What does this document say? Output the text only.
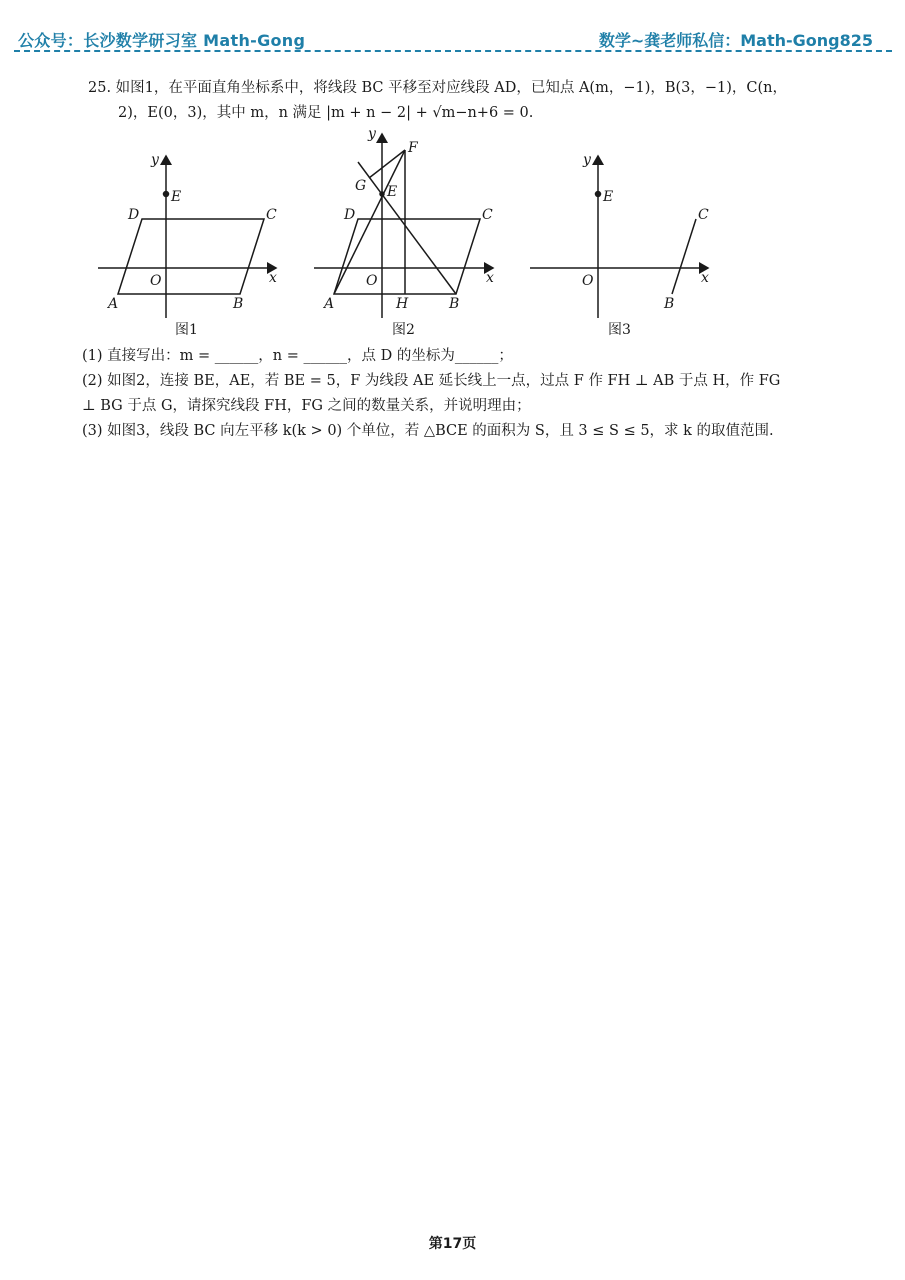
公众号：长沙数学研习室 Math-Gong	数学~龚老师私信：Math-Gong825
25. 如图1，在平面直角坐标系中，将线段 BC 平移至对应线段 AD，已知点 A(m，−1)，B(3，−1)，C(n，
2)，E(0，3)，其中 m，n 满足 |m + n − 2| + √m−n+6 = 0.
y
x
E
D	C
O
A	B
图1
y
x
F
G E
D	C
O
A	H	B
图2
y
x
E
C
O
B
图3
(1) 直接写出：m = ______，n = ______，点 D 的坐标为______；
(2) 如图2，连接 BE，AE，若 BE = 5，F 为线段 AE 延长线上一点，过点 F 作 FH ⊥ AB 于点 H，作 FG
⊥ BG 于点 G，请探究线段 FH，FG 之间的数量关系，并说明理由；
(3) 如图3，线段 BC 向左平移 k(k > 0) 个单位，若 △BCE 的面积为 S，且 3 ≤ S ≤ 5，求 k 的取值范围.
第17页
